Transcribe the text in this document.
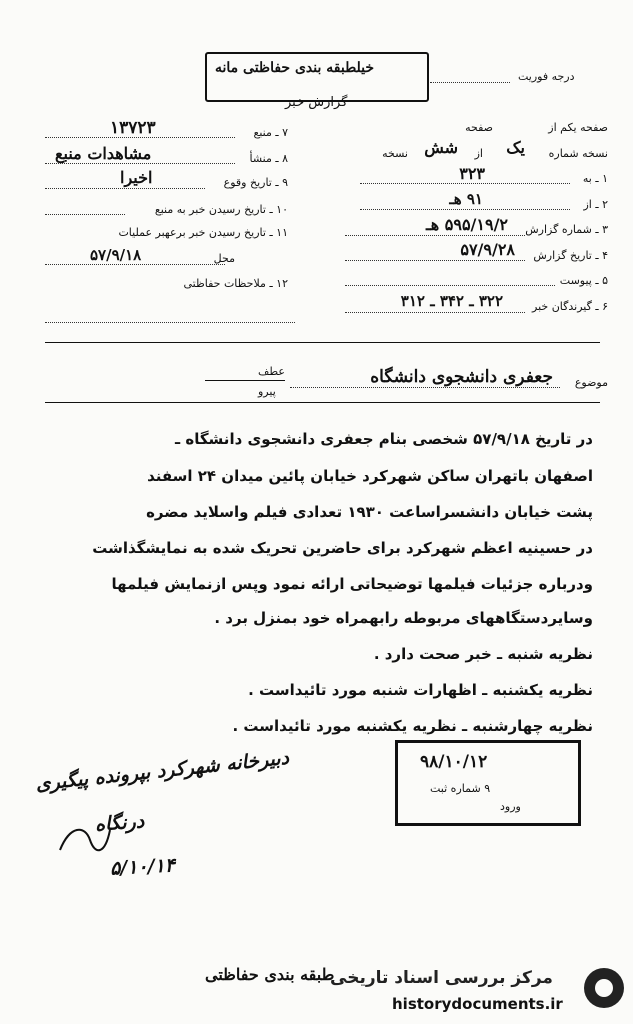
خیلطبقه بندی حفاظتی مانه
گزارش خبر
درجه فوریت
۷ ـ منبع
۱۳۷۲۳
۸ ـ منشأ
مشاهدات منبع
۹ ـ تاریخ وقوع
اخیرا
۱۰ ـ تاریخ رسیدن خبر به منبع
۱۱ ـ تاریخ رسیدن خبر برعهبر عملیات
محل
۵۷/۹/۱۸
۱۲ ـ ملاحظات حفاظتی
صفحه یکم از
صفحه
نسخه شماره
یک
از
شش
نسخه
۱ ـ به
۳۲۳
۲ ـ از
۹۱ هـ
۳ ـ شماره گزارش
۵۹۵/۱۹/۲ هـ
۴ ـ تاریخ گزارش
۵۷/۹/۲۸
۵ ـ پیوست
۶ ـ گیرندگان خبر
۳۲۲ ـ ۳۴۲ ـ ۳۱۲
موضوع
جعفری دانشجوی دانشگاه
عطف
پیرو
در تاریخ ۵۷/۹/۱۸ شخصی بنام جعفری دانشجوی دانشگاه ـ
اصفهان باتهران ساکن شهرکرد خیابان پائین میدان ۲۴ اسفند
پشت خیابان دانشسراساعت ۱۹۳۰ تعدادی فیلم واسلاید مضره
در حسینیه اعظم شهرکرد برای حاضرین تحریک شده به نمایشگذاشت
ودرباره جزئیات فیلمها توضیحاتی ارائه نمود وپس ازنمایش فیلمها
وسایردستگاههای مربوطه رابهمراه خود بمنزل برد .
نظریه شنبه ـ خبر صحت دارد .
نظریه یکشنبه ـ اظهارات شنبه مورد تائیداست .
نظریه چهارشنبه ـ نظریه یکشنبه مورد تائیداست .
دبیرخانه شهرکرد بپرونده پیگیری
درنگاه
۵/۱۰/۱۴
۹۸/۱۰/۱۲
۹ شماره ثبت
ورود
طبقه بندی حفاظتی
مرکز بررسی اسناد تاریخی
historydocuments.ir
